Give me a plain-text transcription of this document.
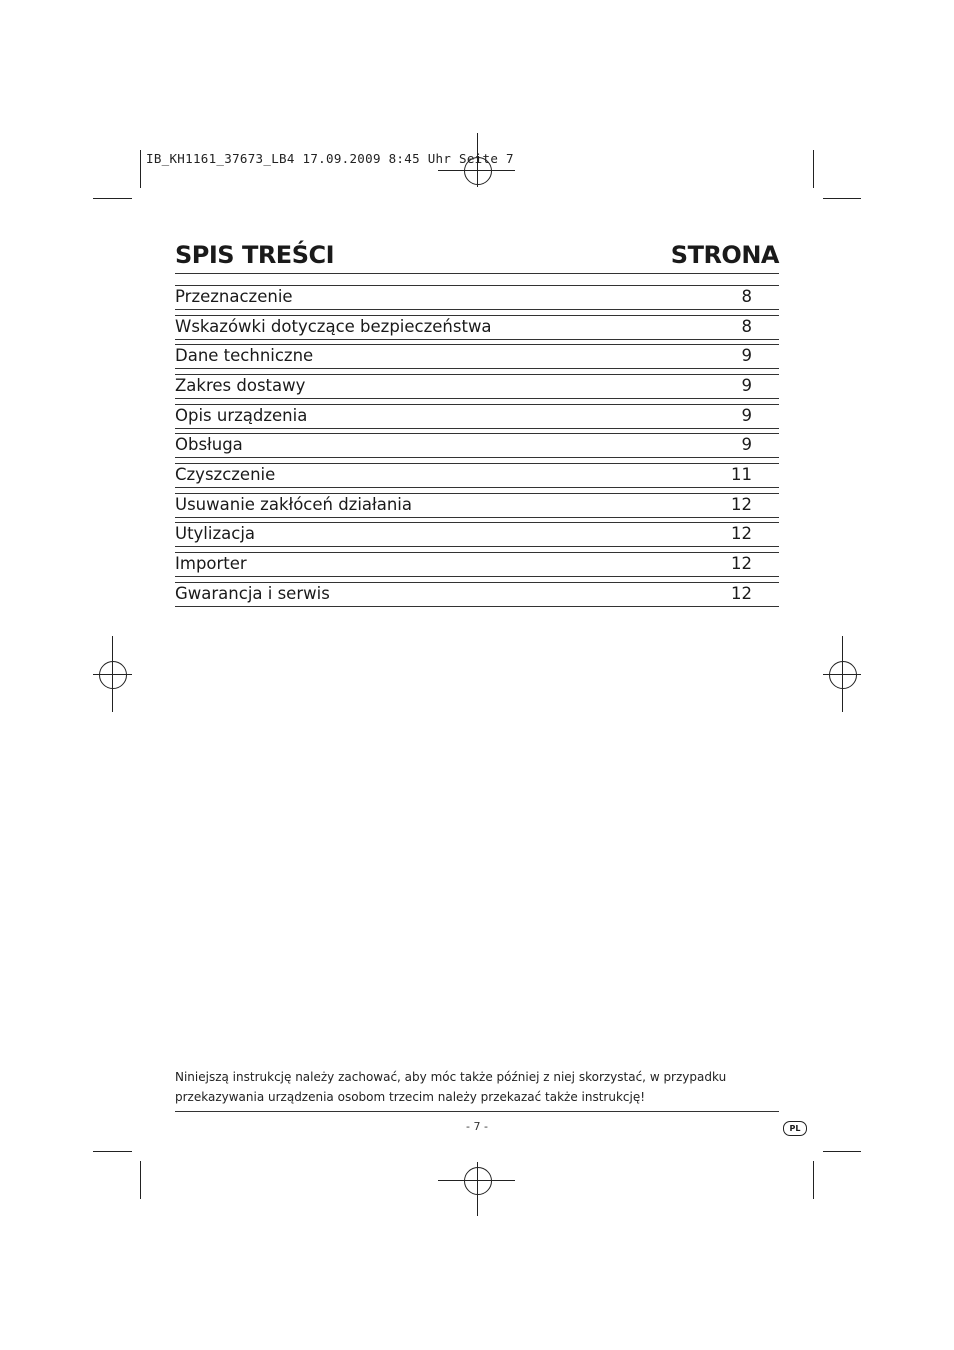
IB_KH1161_37673_LB4 17.09.2009 8:45 Uhr Seite 7
SPIS TREŚCI	STRONA
Przeznaczenie	8
Wskazówki dotyczące bezpieczeństwa	8
Dane techniczne	9
Zakres dostawy	9
Opis urządzenia	9
Obsługa	9
Czyszczenie	11
Usuwanie zakłóceń działania	12
Utylizacja	12
Importer	12
Gwarancja i serwis	12
Niniejszą instrukcję należy zachować, aby móc także później z niej skorzystać, w przypadku
przekazywania urządzenia osobom trzecim należy przekazać także instrukcję!
- 7 -	PL
